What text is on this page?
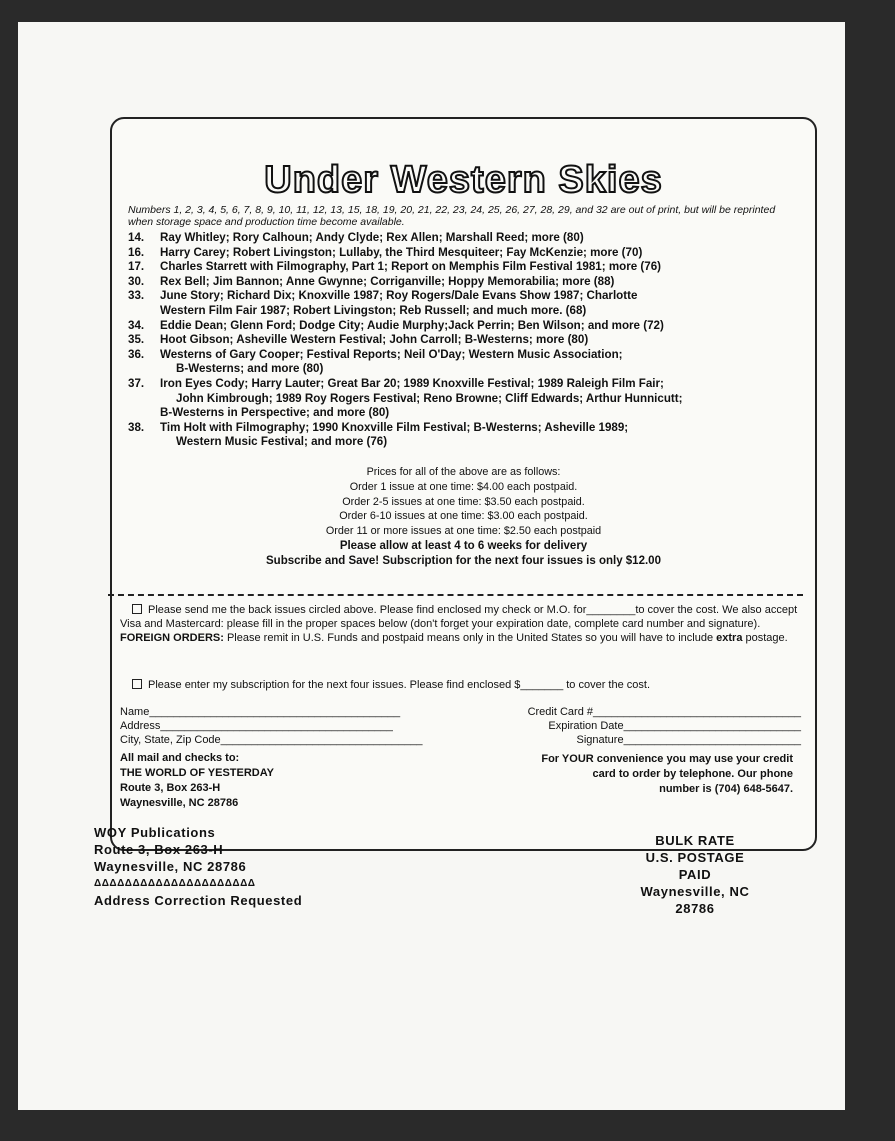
Under Western Skies
Numbers 1, 2, 3, 4, 5, 6, 7, 8, 9, 10, 11, 12, 13, 15, 18, 19, 20, 21, 22, 23, 24, 25, 26, 27, 28, 29, and 32 are out of print, but will be reprinted when storage space and production time become available.
14.	Ray Whitley; Rory Calhoun; Andy Clyde; Rex Allen; Marshall Reed; more (80)
16.	Harry Carey; Robert Livingston; Lullaby, the Third Mesquiteer; Fay McKenzie; more (70)
17.	Charles Starrett with Filmography, Part 1; Report on Memphis Film Festival 1981; more (76)
30.	Rex Bell; Jim Bannon; Anne Gwynne; Corriganville; Hoppy Memorabilia; more (88)
33.	June Story; Richard Dix; Knoxville 1987; Roy Rogers/Dale Evans Show 1987; Charlotte
Western Film Fair 1987; Robert Livingston; Reb Russell; and much more. (68)
34.	Eddie Dean; Glenn Ford; Dodge City; Audie Murphy;Jack Perrin; Ben Wilson; and more (72)
35.	Hoot Gibson; Asheville Western Festival; John Carroll; B-Westerns; more (80)
36.	Westerns of Gary Cooper; Festival Reports; Neil O'Day; Western Music Association;
B-Westerns; and more (80)
37.	Iron Eyes Cody; Harry Lauter; Great Bar 20; 1989 Knoxville Festival; 1989 Raleigh Film Fair;
John Kimbrough; 1989 Roy Rogers Festival; Reno Browne; Cliff Edwards; Arthur Hunnicutt;
B-Westerns in Perspective; and more (80)
38.	Tim Holt with Filmography; 1990 Knoxville Film Festival; B-Westerns; Asheville 1989;
Western Music Festival; and more (76)
Prices for all of the above are as follows:
Order 1 issue at one time: $4.00 each postpaid.
Order 2-5 issues at one time: $3.50 each postpaid.
Order 6-10 issues at one time: $3.00 each postpaid.
Order 11 or more issues at one time: $2.50 each postpaid
Please allow at least 4 to 6 weeks for delivery
Subscribe and Save! Subscription for the next four issues is only $12.00
Please send me the back issues circled above. Please find enclosed my check or M.O. for________to cover the cost. We also accept Visa and Mastercard: please fill in the proper spaces below (don't forget your expiration date, complete card number and signature). FOREIGN ORDERS: Please remit in U.S. Funds and postpaid means only in the United States so you will have to include extra postage.
Please enter my subscription for the next four issues. Please find enclosed $_______ to cover the cost.
Name_________________________________________	Credit Card #__________________________________
Address______________________________________	Expiration Date_____________________________
City, State, Zip Code_________________________________	Signature_____________________________
All mail and checks to:
THE WORLD OF YESTERDAY
Route 3, Box 263-H
Waynesville, NC 28786
For YOUR convenience you may use your credit
card to order by telephone. Our phone
number is (704) 648-5647.
WOY Publications
Route 3, Box 263-H
Waynesville, NC 28786
ΔΔΔΔΔΔΔΔΔΔΔΔΔΔΔΔΔΔΔΔΔ
Address Correction Requested
BULK RATE
U.S. POSTAGE
PAID
Waynesville, NC
28786
